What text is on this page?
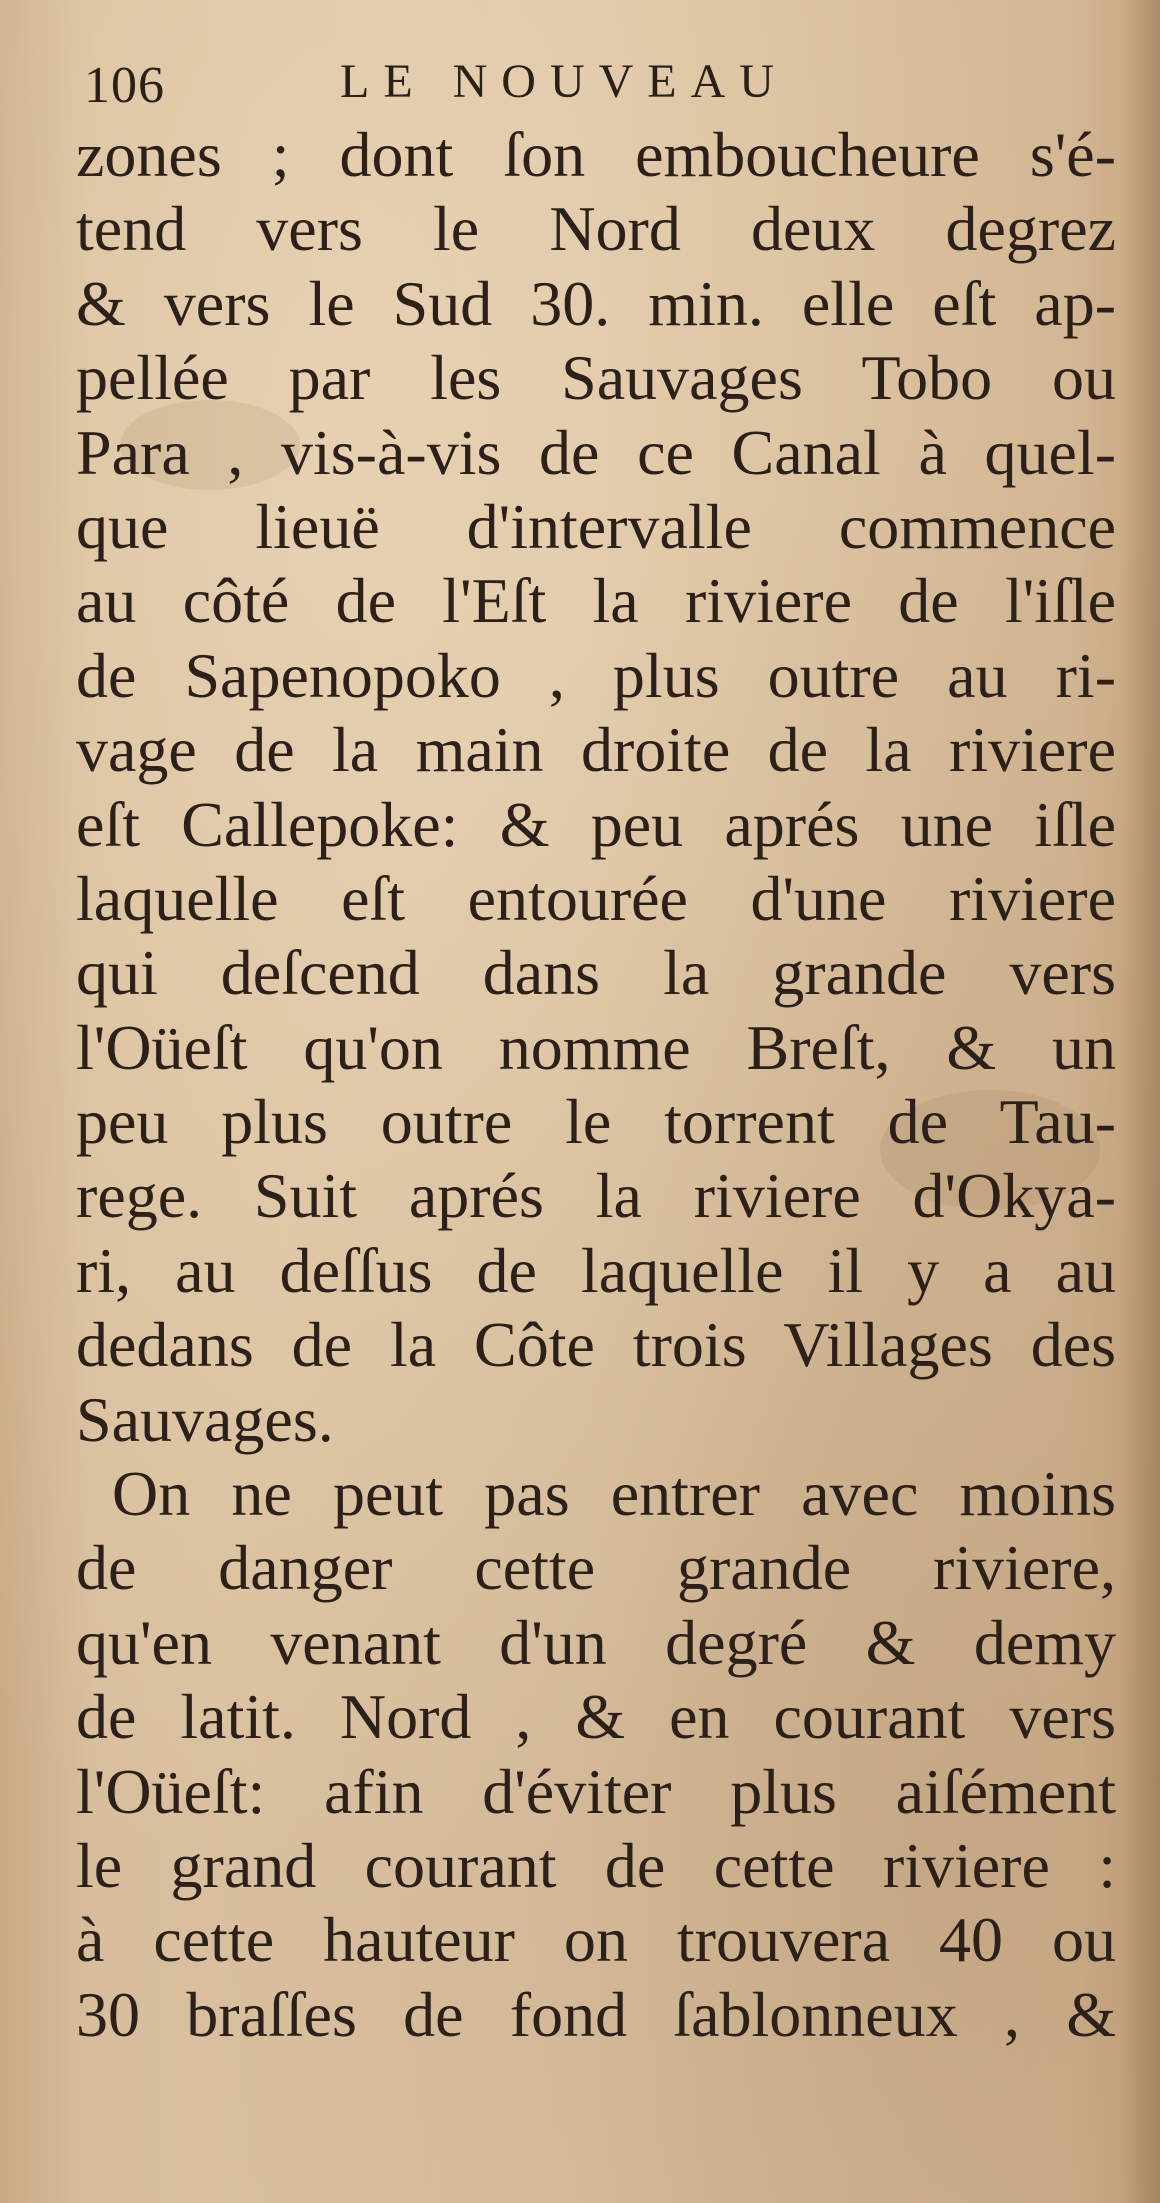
106	LE NOUVEAU
zones ; dont ſon embouchеure s'é-
tend vers le Nord deux degrez
& vers le Sud 30. min. elle eſt ap-
pellée par les Sauvages Tobo ou
Para , vis-à-vis de ce Canal à quel-
que lieuë d'intervalle commence
au côté de l'Eſt la riviere de l'iſle
de Sapenopoko , plus outre au ri-
vage de la main droite de la riviere
eſt Callepoke: & peu aprés une iſle
laquelle eſt entourée d'une riviere
qui deſcend dans la grande vers
l'Oüeſt qu'on nomme Breſt, & un
peu plus outre le torrent de Tau-
rege. Suit aprés la riviere d'Okya-
ri, au deſſus de laquelle il y a au
dedans de la Côte trois Villages des
Sauvages.
On ne peut pas entrer avec moins
de danger cette grande riviere,
qu'en venant d'un degré & demy
de latit. Nord , & en courant vers
l'Oüeſt: afin d'éviter plus aiſément
le grand courant de cette riviere :
à cette hauteur on trouvera 40 ou
30 braſſes de fond ſablonneux , &
